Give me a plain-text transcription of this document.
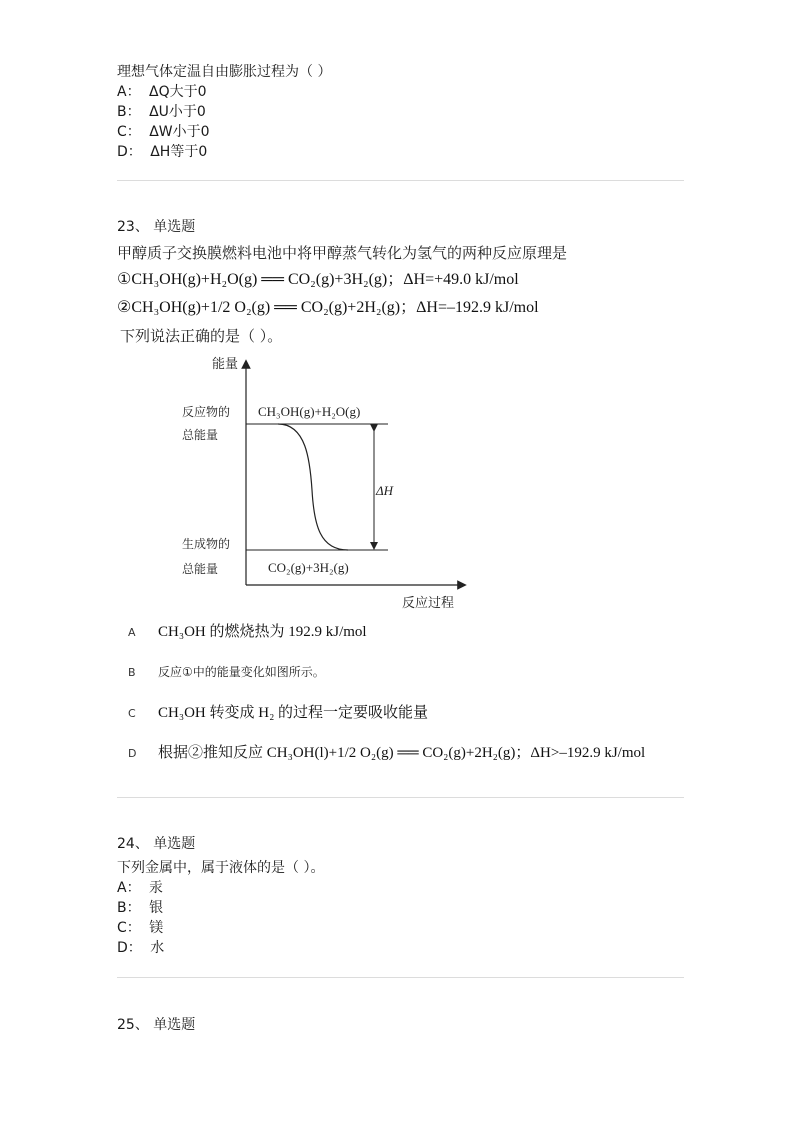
理想气体定温自由膨胀过程为（ ）
A： ΔQ大于0
B： ΔU小于0
C： ΔW小于0
D： ΔH等于0
23、 单选题
甲醇质子交换膜燃料电池中将甲醇蒸气转化为氢气的两种反应原理是
①CH₃OH(g)+H₂O(g) ══ CO₂(g)+3H₂(g)；ΔH=+49.0 kJ/mol
②CH₃OH(g)+1/2 O₂(g) ══ CO₂(g)+2H₂(g)；ΔH=–192.9 kJ/mol
下列说法正确的是（ ）。
能量
反应过程
ΔH
反应物的
总能量
生成物的
总能量
CH₃OH(g)+H₂O(g)
CO₂(g)+3H₂(g)
A CH₃OH 的燃烧热为 192.9 kJ/mol
B 反应①中的能量变化如图所示。
C CH₃OH 转变成 H₂ 的过程一定要吸收能量
D 根据②推知反应 CH₃OH(l)+1/2 O₂(g) ══ CO₂(g)+2H₂(g)；ΔH>–192.9 kJ/mol
24、 单选题
下列金属中，属于液体的是（ ）。
A： 汞
B： 银
C： 镁
D： 水
25、 单选题
